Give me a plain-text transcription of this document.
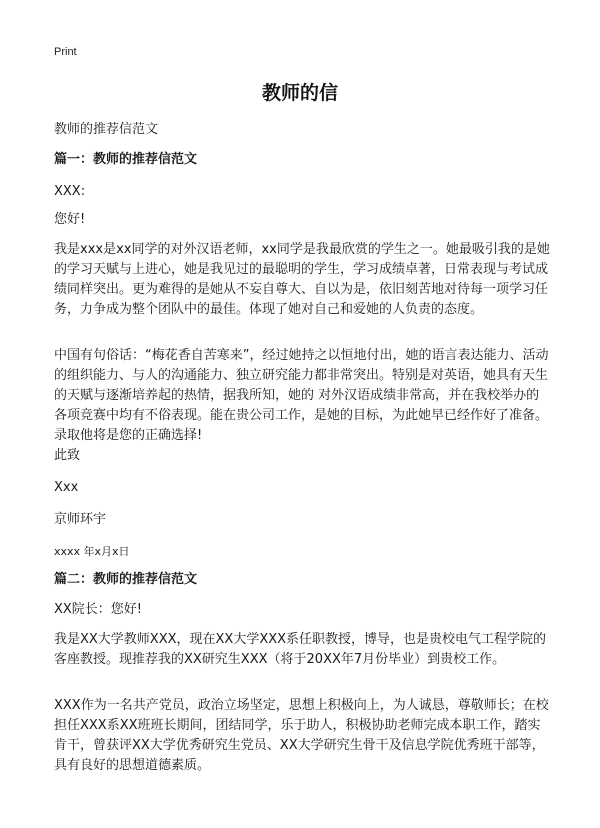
Print
教师的信
教师的推荐信范文
篇一：教师的推荐信范文
XXX:
您好!
我是xxx是xx同学的对外汉语老师，xx同学是我最欣赏的学生之一。她最吸引我的是她的学习天赋与上进心，她是我见过的最聪明的学生，学习成绩卓著，日常表现与考试成绩同样突出。更为难得的是她从不妄自尊大、自以为是，依旧刻苦地对待每一项学习任务，力争成为整个团队中的最佳。体现了她对自己和爱她的人负责的态度。
中国有句俗话：“梅花香自苦寒来”，经过她持之以恒地付出，她的语言表达能力、活动的组织能力、与人的沟通能力、独立研究能力都非常突出。特别是对英语，她具有天生的天赋与逐渐培养起的热情，据我所知，她的 对外汉语成绩非常高，并在我校举办的各项竞赛中均有不俗表现。能在贵公司工作，是她的目标，为此她早已经作好了准备。 录取他将是您的正确选择!
此致
Xxx
京师环宇
xxxx 年x月x日
篇二：教师的推荐信范文
XX院长：您好!
我是XX大学教师XXX，现在XX大学XXX系任职教授，博导，也是贵校电气工程学院的客座教授。现推荐我的XX研究生XXX（将于20XX年7月份毕业）到贵校工作。
XXX作为一名共产党员，政治立场坚定，思想上积极向上，为人诚恳，尊敬师长；在校担任XXX系XX班班长期间，团结同学，乐于助人，积极协助老师完成本职工作，踏实肯干，曾获评XX大学优秀研究生党员、XX大学研究生骨干及信息学院优秀班干部等，具有良好的思想道德素质。
